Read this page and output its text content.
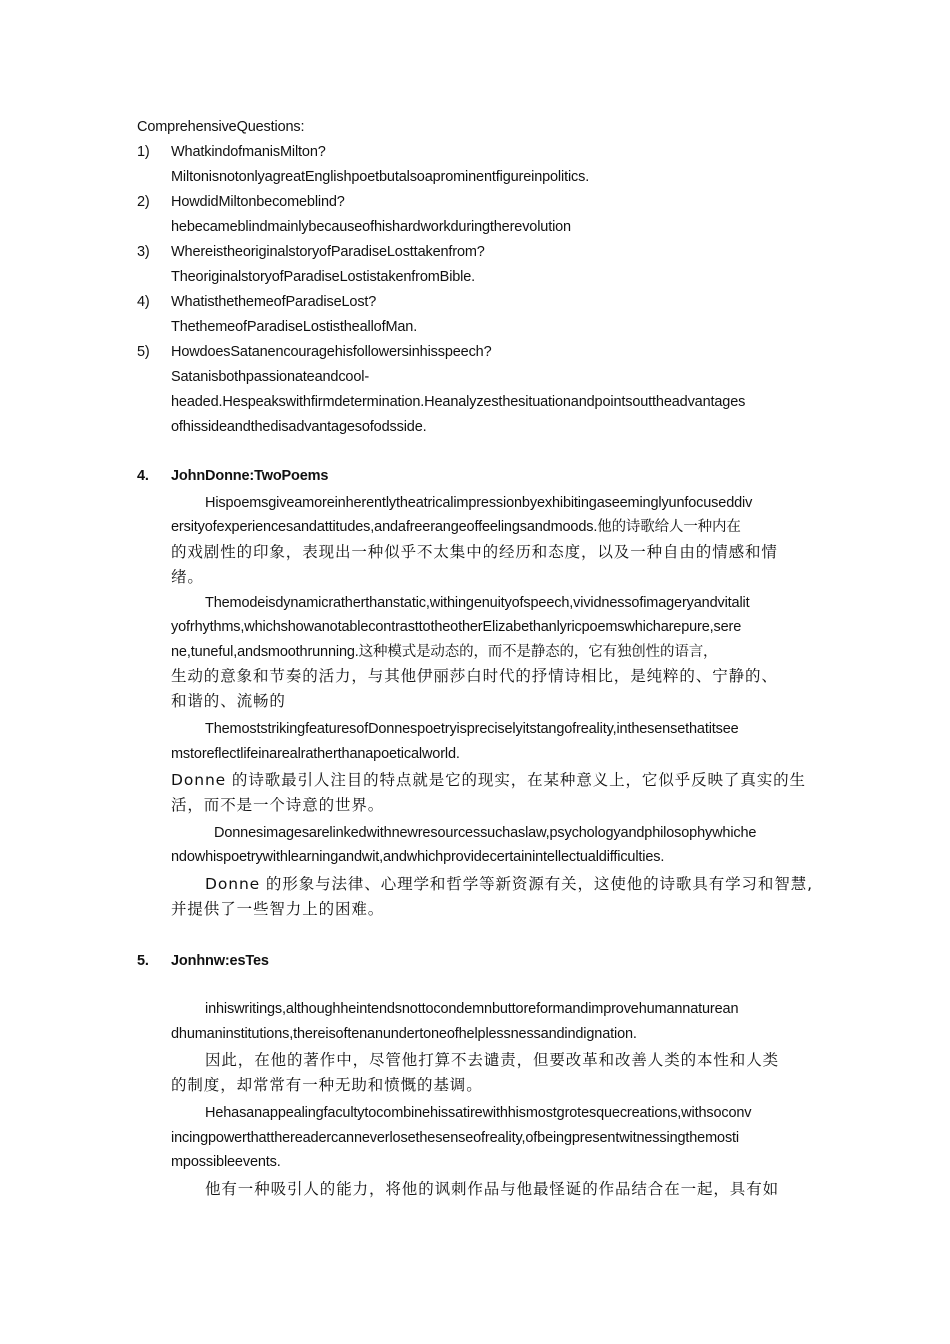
ComprehensiveQuestions:
1) WhatkindofmanisMilton?
MiltonisnotonlyagreatEnglishpoetbutalsoaprominentfigureinpolitics.
2) HowdidMiltonbecomeblind?
hebecameblindmainlybecauseofhishardworkduringtherevolution
3) WhereistheoriginalstoryofParadiseLosttakenfrom?
TheoriginalstoryofParadiseLostistakenfromBible.
4) WhatisthethemeofParadiseLost?
ThethemeofParadiseLostistheallofMan.
5) HowdoesSatanencouragehisfollowersinhisspeech?
Satanisbothpassionateandcool-
headed.Hespeakswithfirmdetermination.Heanalyzesthesituationandpointsouttheadvantages
ofhissideandthedisadvantagesofodsside.
4. JohnDonne:TwoPoems
Hispoemsgiveamoreinherentlytheatricalimpressionbyexhibitingaseeminglyunfocuseddiv
ersityofexperiencesandattitudes,andafreerangeoffeelingsandmoods.他的诗歌给人一种内在
的戏剧性的印象，表现出一种似乎不太集中的经历和态度，以及一种自由的情感和情
绪。
Themodeisdynamicratherthanstatic,withingenuityofspeech,vividnessofimageryandvitalit
yofrhythms,whichshowanotablecontrasttotheotherElizabethanlyricpoemswhicharepure,sere
ne,tuneful,andsmoothrunning.这种模式是动态的，而不是静态的，它有独创性的语言，
生动的意象和节奏的活力，与其他伊丽莎白时代的抒情诗相比，是纯粹的、宁静的、
和谐的、流畅的
ThemoststrikingfeaturesofDonnespoetryispreciselyitstangofreality,inthesensethatitsee
mstoreflectlifeinarealratherthanapoeticalworld.
Donne 的诗歌最引人注目的特点就是它的现实，在某种意义上，它似乎反映了真实的生
活，而不是一个诗意的世界。
Donnesimagesarelinkedwithnewresourcessuchaslaw,psychologyandphilosophywhiche
ndowhispoetrywithlearningandwit,andwhichprovidecertainintellectualdifficulties.
Donne 的形象与法律、心理学和哲学等新资源有关，这使他的诗歌具有学习和智慧,
并提供了一些智力上的困难。
5. Jonhnw:esTes
inhiswritings,althoughheintendsnottocondemnbuttoreformandimprovehumannaturean
dhumaninstitutions,thereisoftenanundertoneofhelplessnessandindignation.
因此，在他的著作中，尽管他打算不去谴责，但要改革和改善人类的本性和人类
的制度，却常常有一种无助和愤慨的基调。
Hehasanappealingfacultytocombinehissatirewithhismostgrotesquecreations,withsoconv
incingpowerthatthereadercanneverlosethesenseofreality,ofbeingpresentwitnessingthemosti
mpossibleevents.
他有一种吸引人的能力，将他的讽刺作品与他最怪诞的作品结合在一起，具有如
